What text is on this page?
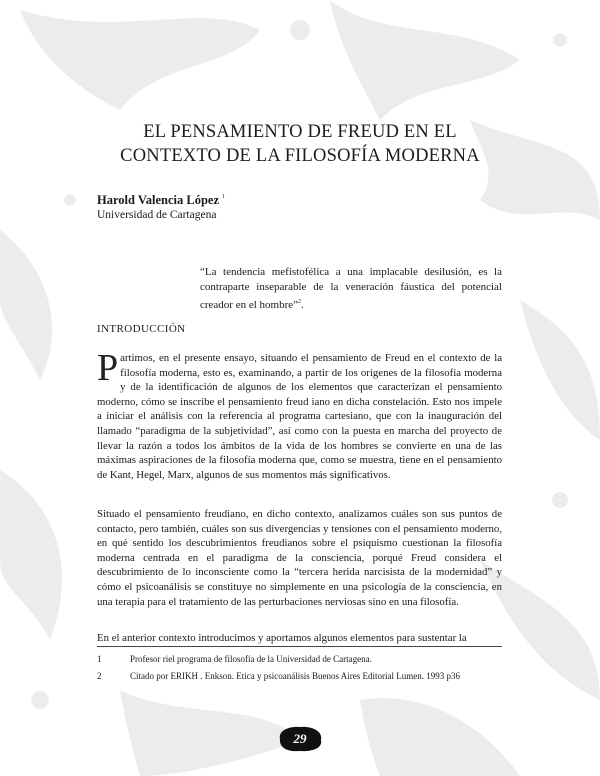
EL PENSAMIENTO DE FREUD EN EL
CONTEXTO DE LA FILOSOFÍA MODERNA
Harold Valencia López $^1$
Universidad de Cartagena

“La tendencia mefistofélica a una implacable desilusión, es la contraparte inseparable de la veneración fáustica del potencial creador en el hombre”$^2$.

INTRODUCCIÓN

Partimos, en el presente ensayo, situando el pensamiento de Freud en el contexto de la filosofía moderna, esto es, examinando, a partir de los orígenes de la filosofía moderna y de la identificación de algunos de los elementos que caracterizan el pensamiento moderno, cómo se inscribe el pensamiento freud iano en dicha constelación. Esto nos impele a iniciar el análisis con la referencia al programa cartesiano, que con la inauguración del llamado “paradigma de la subjetividad”, así como con la puesta en marcha del proyecto de llevar la razón a todos los ámbitos de la vida de los hombres se convierte en una de las máximas aspiraciones de la filosofía moderna que, como se muestra, tiene en el pensamiento de Kant, Hegel, Marx, algunos de sus momentos más significativos.

Situado el pensamiento freudiano, en dicho contexto, analizamos cuáles son sus puntos de contacto, pero también, cuáles son sus divergencias y tensiones con el pensamiento moderno, en qué sentido los descubrimientos freudianos sobre el psiquismo cuestionan la filosofía moderna centrada en el paradigma de la consciencia, porqué Freud considera el descubrimiento de lo inconsciente como la “tercera herida narcisista de la modernidad” y cómo el psicoanálisis se constituye no simplemente en una psicología de la consciencia, en una terapia para el tratamiento de las perturbaciones nerviosas sino en una filosofía.

En el anterior contexto introducimos y aportamos algunos elementos para sustentar la

1	Profesor riel programa de filosofía de la Universidad de Cartagena.
2	Citado por ERIKH . Enkson. Etica y psicoanálisis Buenos Aires Editorial Lumen. 1993 p36
29
